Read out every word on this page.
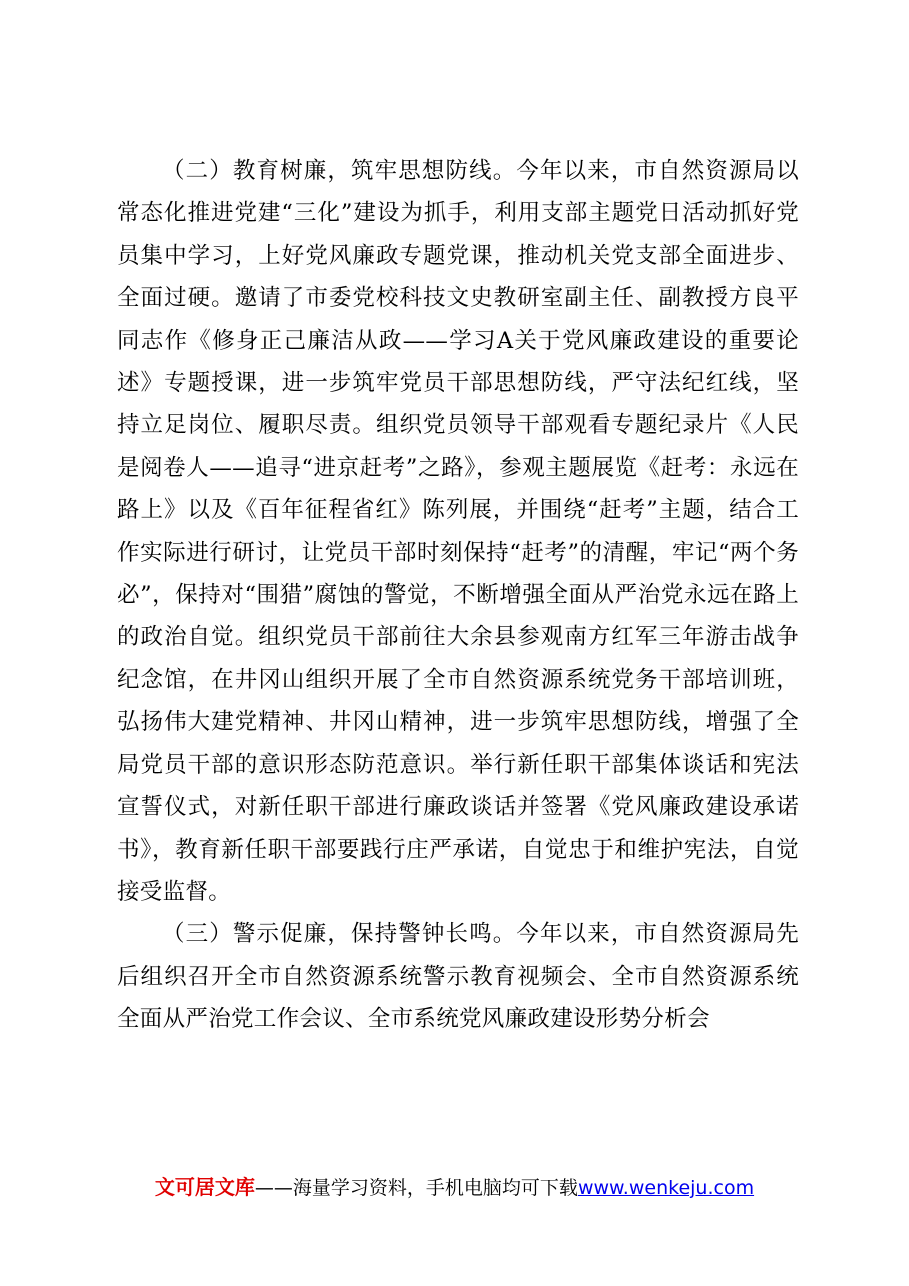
（二）教育树廉，筑牢思想防线。今年以来，市自然资源局以常态化推进党建“三化”建设为抓手，利用支部主题党日活动抓好党员集中学习，上好党风廉政专题党课，推动机关党支部全面进步、全面过硬。邀请了市委党校科技文史教研室副主任、副教授方良平同志作《修身正己廉洁从政——学习A关于党风廉政建设的重要论述》专题授课，进一步筑牢党员干部思想防线，严守法纪红线，坚持立足岗位、履职尽责。组织党员领导干部观看专题纪录片《人民是阅卷人——追寻“进京赶考”之路》，参观主题展览《赶考：永远在路上》以及《百年征程省红》陈列展，并围绕“赶考”主题，结合工作实际进行研讨，让党员干部时刻保持“赶考”的清醒，牢记“两个务必”，保持对“围猎”腐蚀的警觉，不断增强全面从严治党永远在路上的政治自觉。组织党员干部前往大余县参观南方红军三年游击战争纪念馆，在井冈山组织开展了全市自然资源系统党务干部培训班，弘扬伟大建党精神、井冈山精神，进一步筑牢思想防线，增强了全局党员干部的意识形态防范意识。举行新任职干部集体谈话和宪法宣誓仪式，对新任职干部进行廉政谈话并签署《党风廉政建设承诺书》，教育新任职干部要践行庄严承诺，自觉忠于和维护宪法，自觉接受监督。

（三）警示促廉，保持警钟长鸣。今年以来，市自然资源局先后组织召开全市自然资源系统警示教育视频会、全市自然资源系统全面从严治党工作会议、全市系统党风廉政建设形势分析会

文可居文库——海量学习资料，手机电脑均可下载www.wenkeju.com
